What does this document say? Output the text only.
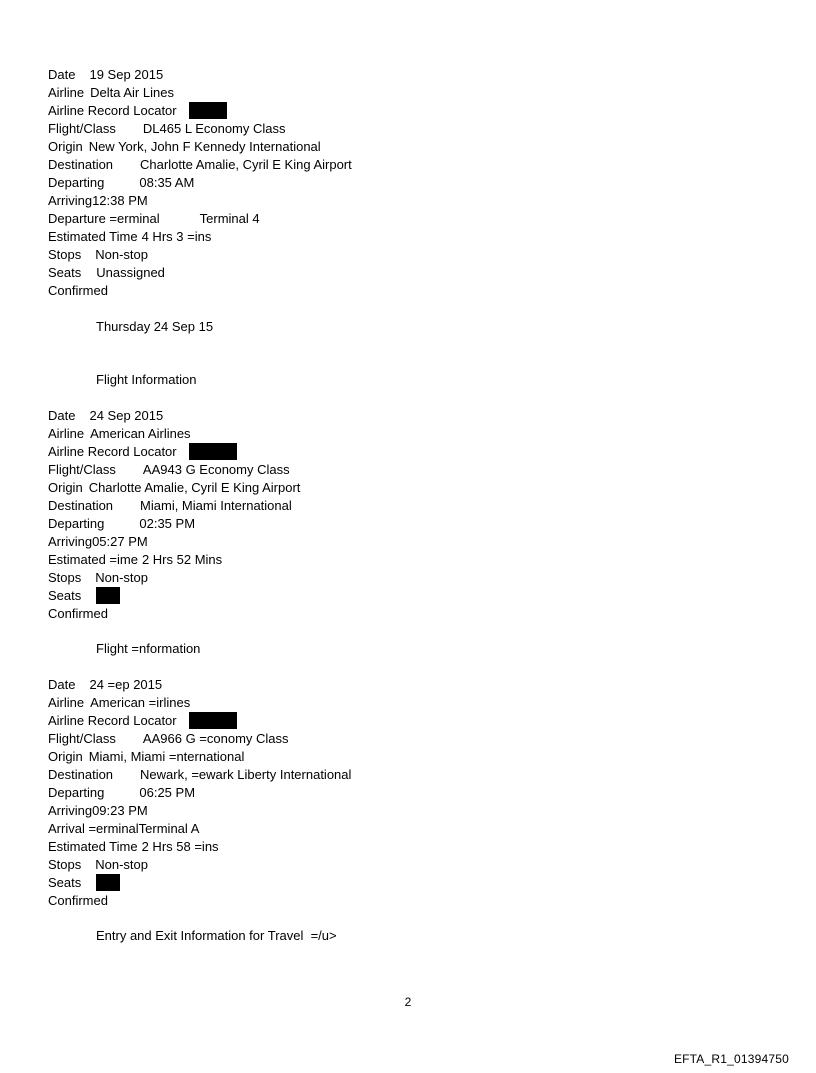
Date 19 Sep 2015
Airline Delta Air Lines
Airline Record Locator
Flight/Class DL465 L Economy Class
Origin New York, John F Kennedy International
Destination Charlotte Amalie, Cyril E King Airport
Departing	08:35 AM
Arriving12:38 PM
Departure =erminal	Terminal 4
Estimated Time 4 Hrs 3 =ins
Stops Non-stop
Seats Unassigned
Confirmed
Thursday 24 Sep 15
Flight Information
Date 24 Sep 2015
Airline American Airlines
Airline Record Locator
Flight/Class AA943 G Economy Class
Origin Charlotte Amalie, Cyril E King Airport
Destination Miami, Miami International
Departing	02:35 PM
Arriving05:27 PM
Estimated =ime 2 Hrs 52 Mins
Stops Non-stop
Seats
Confirmed
Flight =nformation
Date 24 =ep 2015
Airline American =irlines
Airline Record Locator
Flight/Class AA966 G =conomy Class
Origin Miami, Miami =nternational
Destination Newark, =ewark Liberty International
Departing	06:25 PM
Arriving09:23 PM
Arrival =erminalTerminal A
Estimated Time 2 Hrs 58 =ins
Stops Non-stop
Seats
Confirmed
Entry and Exit Information for Travel  =/u>
2
EFTA_R1_01394750
